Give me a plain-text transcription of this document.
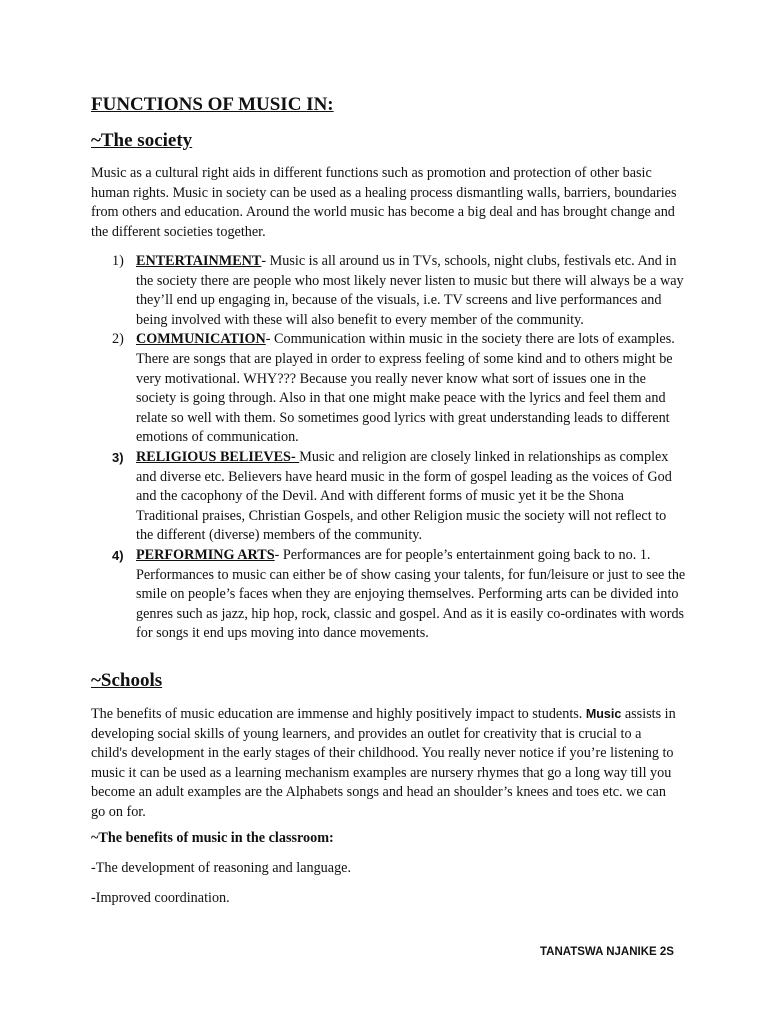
FUNCTIONS OF MUSIC IN:
~The society
Music as a cultural right aids in different functions such as promotion and protection of other basic human rights. Music in society can be used as a healing process dismantling walls, barriers, boundaries from others and education. Around the world music has become a big deal and has brought change and the different societies together.
1) ENTERTAINMENT- Music is all around us in TVs, schools, night clubs, festivals etc. And in the society there are people who most likely never listen to music but there will always be a way they’ll end up engaging in, because of the visuals, i.e. TV screens and live performances and being involved with these will also benefit to every member of the community.
2) COMMUNICATION- Communication within music in the society there are lots of examples. There are songs that are played in order to express feeling of some kind and to others might be very motivational. WHY??? Because you really never know what sort of issues one in the society is going through. Also in that one might make peace with the lyrics and feel them and relate so well with them. So sometimes good lyrics with great understanding leads to different emotions of communication.
3) RELIGIOUS BELIEVES- Music and religion are closely linked in relationships as complex and diverse etc. Believers have heard music in the form of gospel leading as the voices of God and the cacophony of the Devil. And with different forms of music yet it be the Shona Traditional praises, Christian Gospels, and other Religion music the society will not reflect to the different (diverse) members of the community.
4) PERFORMING ARTS- Performances are for people’s entertainment going back to no. 1. Performances to music can either be of show casing your talents, for fun/leisure or just to see the smile on people’s faces when they are enjoying themselves. Performing arts can be divided into genres such as jazz, hip hop, rock, classic and gospel. And as it is easily co-ordinates with words for songs it end ups moving into dance movements.
~Schools
The benefits of music education are immense and highly positively impact to students. Music assists in developing social skills of young learners, and provides an outlet for creativity that is crucial to a child's development in the early stages of their childhood. You really never notice if you’re listening to music it can be used as a learning mechanism examples are nursery rhymes that go a long way till you become an adult examples are the Alphabets songs and head an shoulder’s knees and toes etc. we can go on for.
~The benefits of music in the classroom:
-The development of reasoning and language.
-Improved coordination.
TANATSWA NJANIKE 2S
